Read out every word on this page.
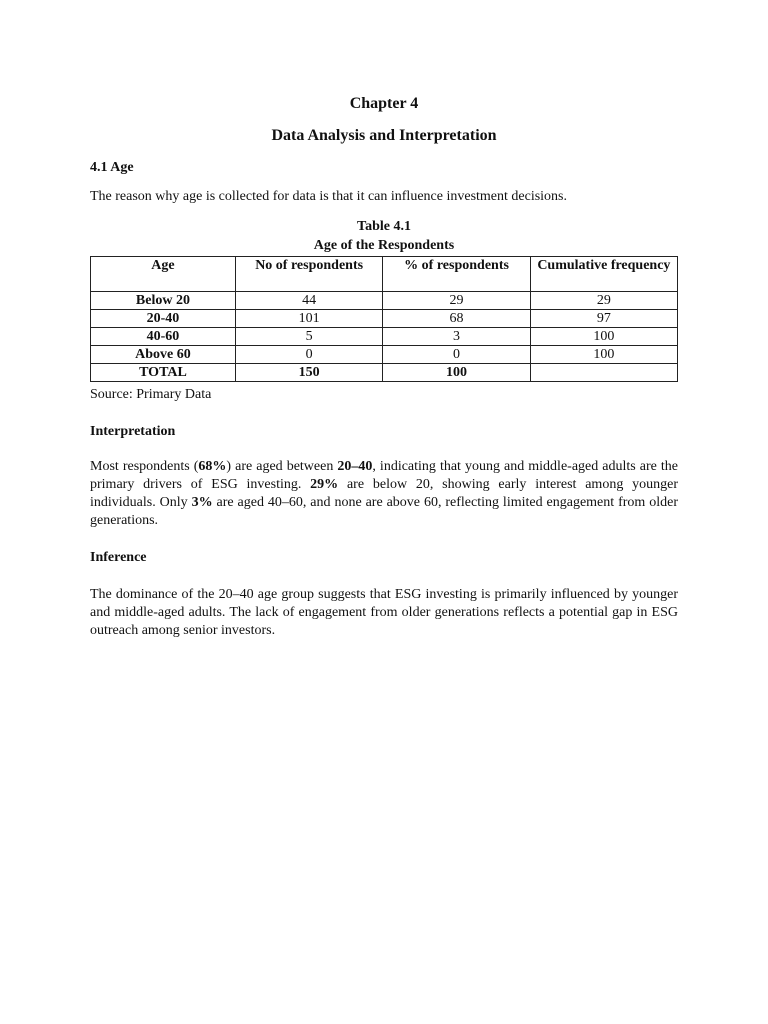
Chapter 4
Data Analysis and Interpretation
4.1 Age
The reason why age is collected for data is that it can influence investment decisions.
Table 4.1
Age of the Respondents
Age	No of respondents	% of respondents	Cumulative frequency
Below 20	44	29	29
20-40	101	68	97
40-60	5	3	100
Above 60	0	0	100
TOTAL	150	100	
Source: Primary Data
Interpretation
Most respondents (68%) are aged between 20–40, indicating that young and middle-aged adults are the primary drivers of ESG investing. 29% are below 20, showing early interest among younger individuals. Only 3% are aged 40–60, and none are above 60, reflecting limited engagement from older generations.
Inference
The dominance of the 20–40 age group suggests that ESG investing is primarily influenced by younger and middle-aged adults. The lack of engagement from older generations reflects a potential gap in ESG outreach among senior investors.
